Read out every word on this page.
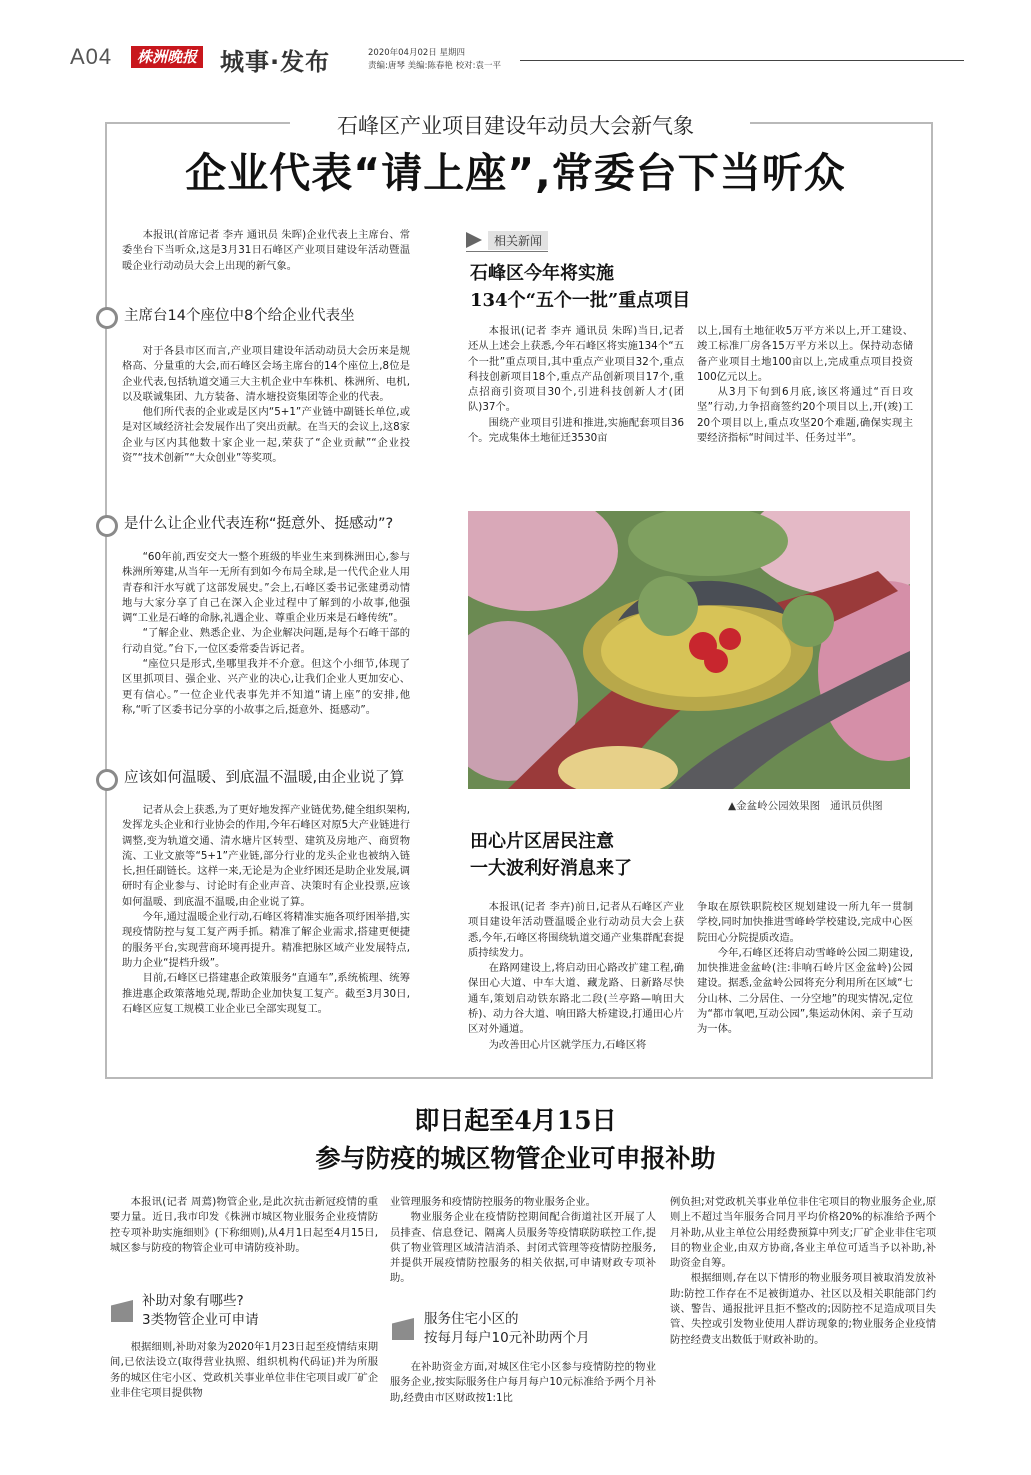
A04	株洲晚报 城事·发布	2020年04月02日 星期四
责编:唐琴 美编:陈春艳 校对:袁一平
石峰区产业项目建设年动员大会新气象
企业代表“请上座”,常委台下当听众

本报讯(首席记者 李卉 通讯员 朱晖)企业代表上主席台、常委坐台下当听众,这是3月31日石峰区产业项目建设年活动暨温暖企业行动动员大会上出现的新气象。

主席台14个座位中8个给企业代表坐

对于各县市区而言,产业项目建设年活动动员大会历来是规格高、分量重的大会,而石峰区会场主席台的14个座位上,8位是企业代表,包括轨道交通三大主机企业中车株机、株洲所、电机,以及联诚集团、九方装备、清水塘投资集团等企业的代表。

他们所代表的企业或是区内“5+1”产业链中副链长单位,或是对区域经济社会发展作出了突出贡献。在当天的会议上,这8家企业与区内其他数十家企业一起,荣获了“企业贡献”“企业投资”“技术创新”“大众创业”等奖项。

是什么让企业代表连称“挺意外、挺感动”?

“60年前,西安交大一整个班级的毕业生来到株洲田心,参与株洲所筹建,从当年一无所有到如今布局全球,是一代代企业人用青春和汗水写就了这部发展史。”会上,石峰区委书记张建勇动情地与大家分享了自己在深入企业过程中了解到的小故事,他强调“工业是石峰的命脉,礼遇企业、尊重企业历来是石峰传统”。

“了解企业、熟悉企业、为企业解决问题,是每个石峰干部的行动自觉。”台下,一位区委常委告诉记者。

“座位只是形式,坐哪里我并不介意。但这个小细节,体现了区里抓项目、强企业、兴产业的决心,让我们企业人更加安心、更有信心。”一位企业代表事先并不知道“请上座”的安排,他称,“听了区委书记分享的小故事之后,挺意外、挺感动”。

应该如何温暖、到底温不温暖,由企业说了算

记者从会上获悉,为了更好地发挥产业链优势,健全组织架构,发挥龙头企业和行业协会的作用,今年石峰区对原5大产业链进行调整,变为轨道交通、清水塘片区转型、建筑及房地产、商贸物流、工业文旅等“5+1”产业链,部分行业的龙头企业也被纳入链长,担任副链长。这样一来,无论是为企业纾困还是助企业发展,调研时有企业参与、讨论时有企业声音、决策时有企业投票,应该如何温暖、到底温不温暖,由企业说了算。

今年,通过温暖企业行动,石峰区将精准实施各项纾困举措,实现疫情防控与复工复产两手抓。精准了解企业需求,搭建更便捷的服务平台,实现营商环境再提升。精准把脉区域产业发展特点,助力企业“提档升级”。

目前,石峰区已搭建惠企政策服务“直通车”,系统梳理、统筹推进惠企政策落地兑现,帮助企业加快复工复产。截至3月30日,石峰区应复工规模工业企业已全部实现复工。

相关新闻
石峰区今年将实施
134个“五个一批”重点项目

本报讯(记者 李卉 通讯员 朱晖)当日,记者还从上述会上获悉,今年石峰区将实施134个“五个一批”重点项目,其中重点产业项目32个,重点科技创新项目18个,重点产品创新项目17个,重点招商引资项目30个,引进科技创新人才(团队)37个。

围绕产业项目引进和推进,实施配套项目36个。完成集体土地征迁3530亩

以上,国有土地征收5万平方米以上,开工建设、竣工标准厂房各15万平方米以上。保持动态储备产业项目土地100亩以上,完成重点项目投资100亿元以上。

从3月下旬到6月底,该区将通过“百日攻坚”行动,力争招商签约20个项目以上,开(竣)工20个项目以上,重点攻坚20个难题,确保实现主要经济指标“时间过半、任务过半”。

▲金盆岭公园效果图   通讯员供图
田心片区居民注意
一大波利好消息来了

本报讯(记者 李卉)前日,记者从石峰区产业项目建设年活动暨温暖企业行动动员大会上获悉,今年,石峰区将围绕轨道交通产业集群配套提质持续发力。

在路网建设上,将启动田心路改扩建工程,确保田心大道、中车大道、藏龙路、日新路尽快通车,策划启动铁东路北二段(兰亭路—响田大桥)、动力谷大道、响田路大桥建设,打通田心片区对外通道。

为改善田心片区就学压力,石峰区将

争取在原铁职院校区规划建设一所九年一贯制学校,同时加快推进雪峰岭学校建设,完成中心医院田心分院提质改造。

今年,石峰区还将启动雪峰岭公园二期建设,加快推进金盆岭(注:非响石岭片区金盆岭)公园建设。据悉,金盆岭公园将充分利用所在区域“七分山林、二分居住、一分空地”的现实情况,定位为“都市氧吧,互动公园”,集运动休闲、亲子互动为一体。

即日起至4月15日
参与防疫的城区物管企业可申报补助

本报讯(记者 周蔫)物管企业,是此次抗击新冠疫情的重要力量。近日,我市印发《株洲市城区物业服务企业疫情防控专项补助实施细则》(下称细则),从4月1日起至4月15日,城区参与防疫的物管企业可申请防疫补助。

补助对象有哪些?
3类物管企业可申请

根据细则,补助对象为2020年1月23日起至疫情结束期间,已依法设立(取得营业执照、组织机构代码证)并为所服务的城区住宅小区、党政机关事业单位非住宅项目或厂矿企业非住宅项目提供物

业管理服务和疫情防控服务的物业服务企业。

物业服务企业在疫情防控期间配合街道社区开展了人员排查、信息登记、隔离人员服务等疫情联防联控工作,提供了物业管理区域清洁消杀、封闭式管理等疫情防控服务,并提供开展疫情防控服务的相关依据,可申请财政专项补助。

服务住宅小区的
按每月每户10元补助两个月

在补助资金方面,对城区住宅小区参与疫情防控的物业服务企业,按实际服务住户每月每户10元标准给予两个月补助,经费由市区财政按1:1比

例负担;对党政机关事业单位非住宅项目的物业服务企业,原则上不超过当年服务合同月平均价格20%的标准给予两个月补助,从业主单位公用经费预算中列支;厂矿企业非住宅项目的物业企业,由双方协商,各业主单位可适当予以补助,补助资金自筹。

根据细则,存在以下情形的物业服务项目被取消发放补助:防控工作存在不足被街道办、社区以及相关职能部门约谈、警告、通报批评且拒不整改的;因防控不足造成项目失管、失控或引发物业使用人群访现象的;物业服务企业疫情防控经费支出数低于财政补助的。
